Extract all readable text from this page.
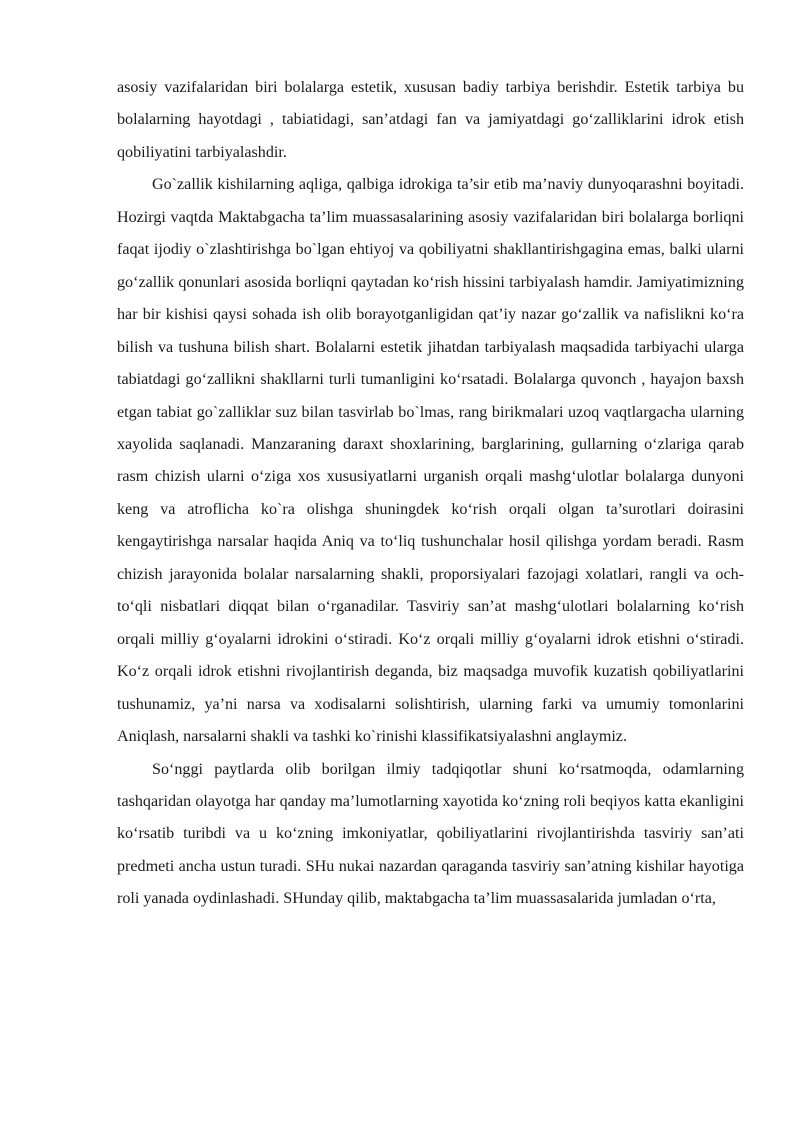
asosiy vazifalaridan biri bolalarga estetik, xususan badiy tarbiya berishdir. Estetik tarbiya bu bolalarning hayotdagi , tabiatidagi, san’atdagi fan va jamiyatdagi go‘zalliklarini idrok etish qobiliyatini tarbiyalashdir.

Go`zallik kishilarning aqliga, qalbiga idrokiga ta’sir etib ma’naviy dunyoqarashni boyitadi. Hozirgi vaqtda Maktabgacha ta’lim muassasalarining asosiy vazifalaridan biri bolalarga borliqni faqat ijodiy o`zlashtirishga bo`lgan ehtiyoj va qobiliyatni shakllantirishgagina emas, balki ularni go‘zallik qonunlari asosida borliqni qaytadan ko‘rish hissini tarbiyalash hamdir. Jamiyatimizning har bir kishisi qaysi sohada ish olib borayotganligidan qat’iy nazar go‘zallik va nafislikni ko‘ra bilish va tushuna bilish shart. Bolalarni estetik jihatdan tarbiyalash maqsadida tarbiyachi ularga tabiatdagi go‘zallikni shakllarni turli tumanligini ko‘rsatadi. Bolalarga quvonch , hayajon baxsh etgan tabiat go`zalliklar suz bilan tasvirlab bo`lmas, rang birikmalari uzoq vaqtlargacha ularning xayolida saqlanadi. Manzaraning daraxt shoxlarining, barglarining, gullarning o‘zlariga qarab rasm chizish ularni o‘ziga xos xususiyatlarni urganish orqali mashg‘ulotlar bolalarga dunyoni keng va atroflicha ko`ra olishga shuningdek ko‘rish orqali olgan ta’surotlari doirasini kengaytirishga narsalar haqida Aniq va to‘liq tushunchalar hosil qilishga yordam beradi. Rasm chizish jarayonida bolalar narsalarning shakli, proporsiyalari fazojagi xolatlari, rangli va och-to‘qli nisbatlari diqqat bilan o‘rganadilar. Tasviriy san’at mashg‘ulotlari bolalarning ko‘rish orqali milliy g‘oyalarni idrokini o‘stiradi. Ko‘z orqali milliy g‘oyalarni idrok etishni o‘stiradi. Ko‘z orqali idrok etishni rivojlantirish deganda, biz maqsadga muvofik kuzatish qobiliyatlarini tushunamiz, ya’ni narsa va xodisalarni solishtirish, ularning farki va umumiy tomonlarini Aniqlash, narsalarni shakli va tashki ko`rinishi klassifikatsiyalashni anglaymiz.

So‘nggi paytlarda olib borilgan ilmiy tadqiqotlar shuni ko‘rsatmoqda, odamlarning tashqaridan olayotga har qanday ma’lumotlarning xayotida ko‘zning roli beqiyos katta ekanligini ko‘rsatib turibdi va u ko‘zning imkoniyatlar, qobiliyatlarini rivojlantirishda tasviriy san’ati predmeti ancha ustun turadi. SHu nukai nazardan qaraganda tasviriy san’atning kishilar hayotiga roli yanada oydinlashadi. SHunday qilib, maktabgacha ta’lim muassasalarida jumladan o‘rta,
